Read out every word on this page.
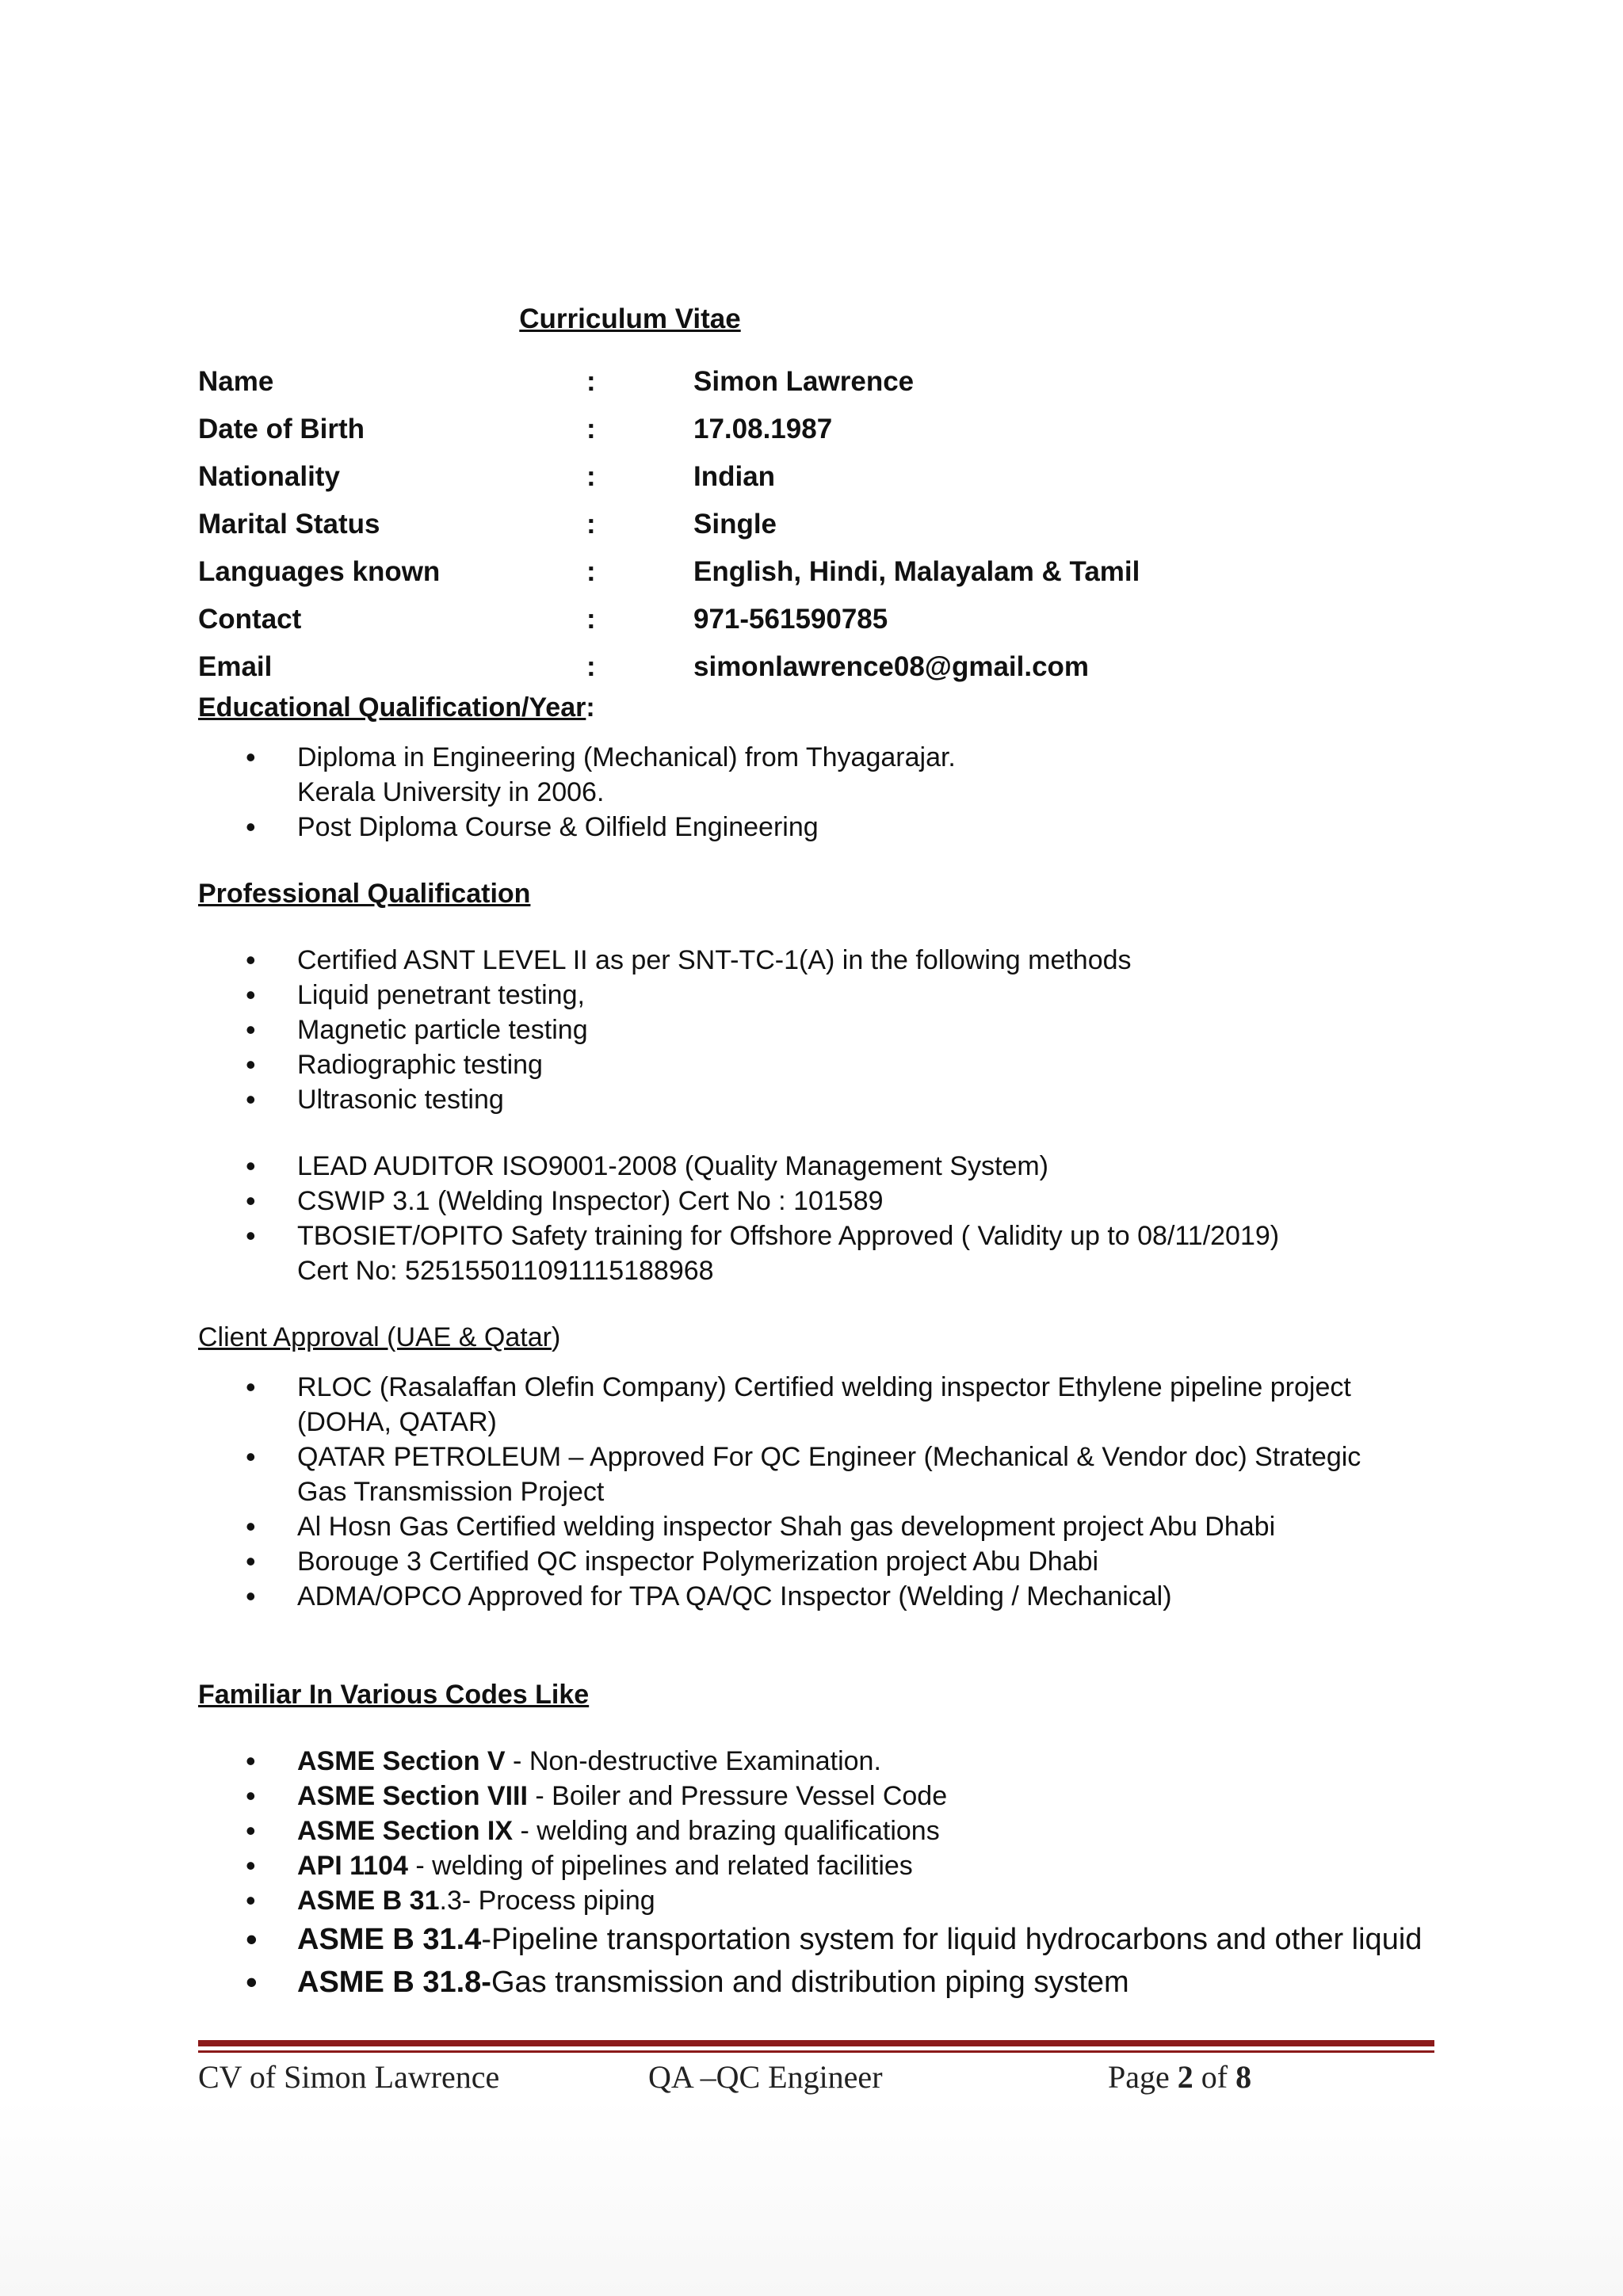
Curriculum Vitae
Name	:	Simon Lawrence
Date of Birth	:	17.08.1987
Nationality	:	Indian
Marital Status	:	Single
Languages known	:	English, Hindi, Malayalam & Tamil
Contact	:	971-561590785
Email	:	simonlawrence08@gmail.com
Educational Qualification/Year:
• Diploma in Engineering (Mechanical) from Thyagarajar.
Kerala University in 2006.
• Post Diploma Course & Oilfield Engineering
Professional Qualification
• Certified ASNT LEVEL II as per SNT-TC-1(A) in the following methods
• Liquid penetrant testing,
• Magnetic particle testing
• Radiographic testing
• Ultrasonic testing
• LEAD AUDITOR ISO9001-2008 (Quality Management System)
• CSWIP 3.1 (Welding Inspector) Cert No : 101589
• TBOSIET/OPITO Safety training for Offshore Approved ( Validity up to 08/11/2019)
Cert No: 525155011091115188968
Client Approval (UAE & Qatar)
• RLOC (Rasalaffan Olefin Company) Certified welding inspector Ethylene pipeline project
(DOHA, QATAR)
• QATAR PETROLEUM – Approved For QC Engineer (Mechanical & Vendor doc) Strategic
Gas Transmission Project
• Al Hosn Gas Certified welding inspector Shah gas development project Abu Dhabi
• Borouge 3 Certified QC inspector Polymerization project Abu Dhabi
• ADMA/OPCO Approved for TPA QA/QC Inspector (Welding / Mechanical)
Familiar In Various Codes Like
• ASME Section V - Non-destructive Examination.
• ASME Section VIII - Boiler and Pressure Vessel Code
• ASME Section IX - welding and brazing qualifications
• API 1104 - welding of pipelines and related facilities
• ASME B 31.3- Process piping
• ASME B 31.4-Pipeline transportation system for liquid hydrocarbons and other liquid
• ASME B 31.8-Gas transmission and distribution piping system
CV of Simon Lawrence	QA –QC Engineer	Page 2 of 8
